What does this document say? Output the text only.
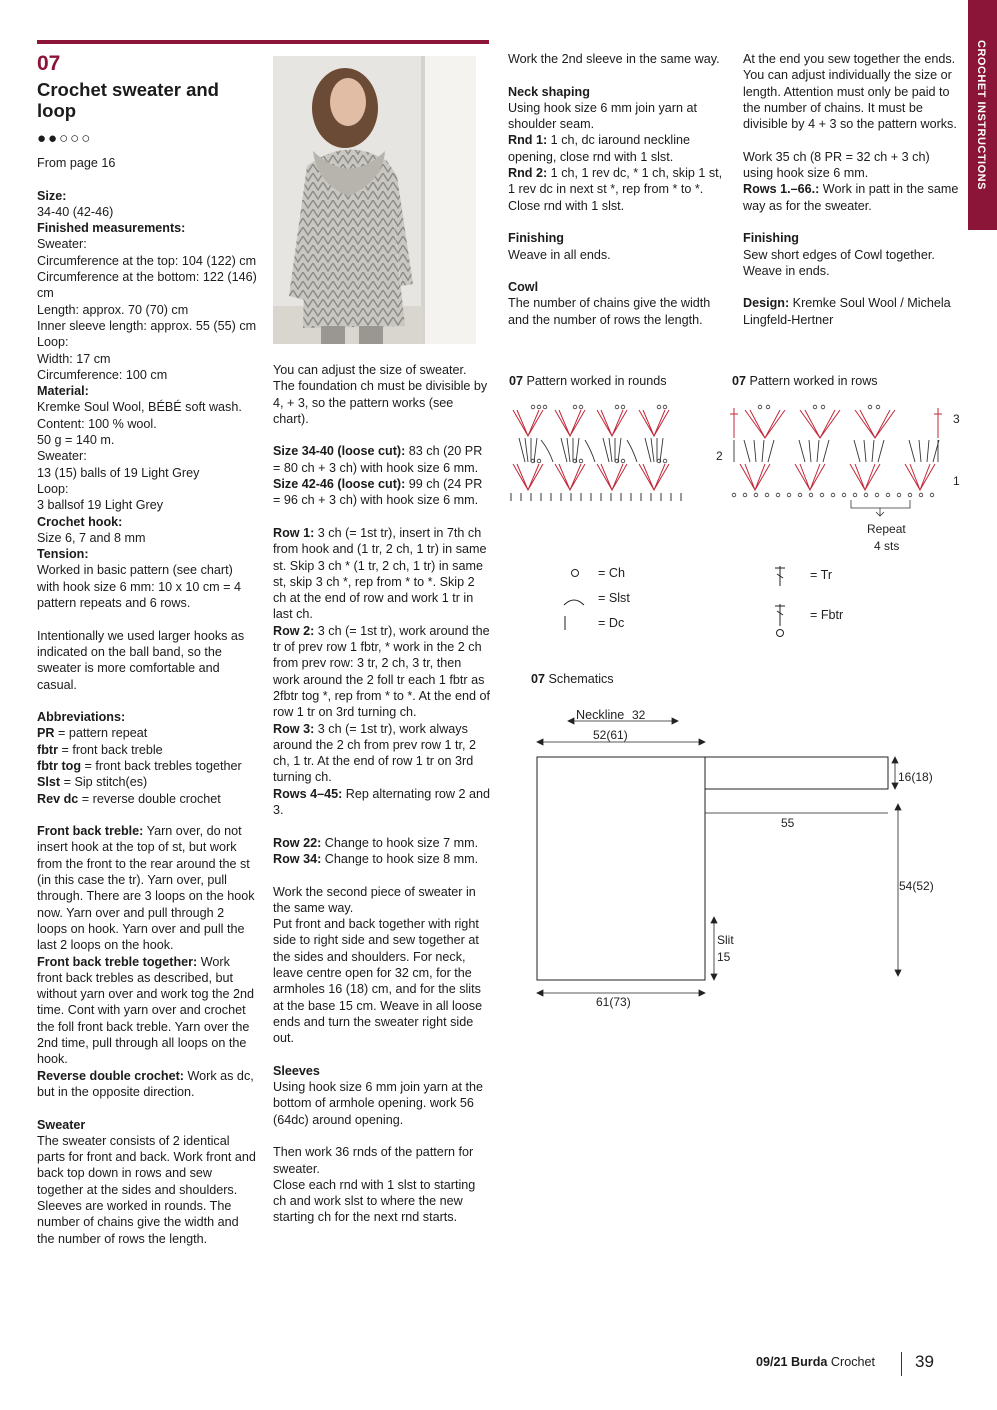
07
Crochet sweater and loop
●●○○○	CROCHET INSTRUCTIONS

From page 16

Size:
34-40 (42-46)
Finished measurements:
Sweater:
Circumference at the top: 104 (122) cm
Circumference at the bottom: 122 (146) cm
Length: approx. 70 (70) cm
Inner sleeve length: approx. 55 (55) cm
Loop:
Width: 17 cm
Circumference: 100 cm
Material:
Kremke Soul Wool, BÉBÉ soft wash.
Content: 100 % wool.
50 g = 140 m.
Sweater:
13 (15) balls of 19 Light Grey
Loop:
3 ballsof 19 Light Grey
Crochet hook:
Size 6, 7 and 8 mm
Tension:

Worked in basic pattern (see chart) with hook size 6 mm: 10 x 10 cm = 4 pattern repeats and 6 rows.

Intentionally we used larger hooks as indicated on the ball band, so the sweater is more comfortable and casual.

Abbreviations:
PR = pattern repeat
fbtr = front back treble
fbtr tog = front back trebles together
Slst = Sip stitch(es)

Rev dc = reverse double crochet

Front back treble: Yarn over, do not insert hook at the top of st, but work from the front to the rear around the st (in this case the tr). Yarn over, pull through. There are 3 loops on the hook now. Yarn over and pull through 2 loops on hook. Yarn over and pull the last 2 loops on the hook.
Front back treble together: Work front back trebles as described, but without yarn over and work tog the 2nd time. Cont with yarn over and crochet the foll front back treble. Yarn over the 2nd time, pull through all loops on the hook.

Reverse double crochet: Work as dc, but in the opposite direction.

Sweater
The sweater consists of 2 identical parts for front and back. Work front and back top down in rows and sew together at the sides and shoulders. Sleeves are worked in rounds. The number of chains give the width and the number of rows the length.

You can adjust the size of sweater. The foundation ch must be divisible by 4, + 3, so the pattern works (see chart).

Size 34-40 (loose cut): 83 ch (20 PR = 80 ch + 3 ch) with hook size 6 mm.

Size 42-46 (loose cut): 99 ch (24 PR = 96 ch + 3 ch) with hook size 6 mm.

Row 1: 3 ch (= 1st tr), insert in 7th ch from hook and (1 tr, 2 ch, 1 tr) in same st. Skip 3 ch * (1 tr, 2 ch, 1 tr) in same st, skip 3 ch *, rep from * to *. Skip 2 ch at the end of row and work 1 tr in last ch.
Row 2: 3 ch (= 1st tr), work around the tr of prev row 1 fbtr, * work in the 2 ch from prev row: 3 tr, 2 ch, 3 tr, then work around the 2 foll tr each 1 fbtr as 2fbtr tog *, rep from * to *. At the end of row 1 tr on 3rd turning ch.
Row 3: 3 ch (= 1st tr), work always around the 2 ch from prev row 1 tr, 2 ch, 1 tr. At the end of row 1 tr on 3rd turning ch.

Rows 4–45: Rep alternating row 2 and 3.

Row 22: Change to hook size 7 mm.

Row 34: Change to hook size 8 mm.

Work the second piece of sweater in the same way.

Put front and back together with right side to right side and sew together at the sides and shoulders. For neck, leave centre open for 32 cm, for the armholes 16 (18) cm, and for the slits at the base 15 cm. Weave in all loose ends and turn the sweater right side out.

Sleeves

Using hook size 6 mm join yarn at the bottom of armhole opening. work 56 (64dc) around opening.

Then work 36 rnds of the pattern for sweater.
Close each rnd with 1 slst to starting ch and work slst to where the new starting ch for the next rnd starts.

Work the 2nd sleeve in the same way.

Neck shaping
Using hook size 6 mm join yarn at shoulder seam.
Rnd 1: 1 ch, dc iaround neckline opening, close rnd with 1 slst.

Rnd 2: 1 ch, 1 rev dc, * 1 ch, skip 1 st, 1 rev dc in next st *, rep from * to *. Close rnd with 1 slst.

Finishing

Weave in all ends.

Cowl
The number of chains give the width and the number of rows the length.

At the end you sew together the ends. You can adjust individually the size or length. Attention must only be paid to the number of chains. It must be divisible by 4 + 3 so the pattern works.

Work 35 ch (8 PR = 32 ch + 3 ch) using hook size 6 mm.

Rows 1.–66.: Work in patt in the same way as for the sweater.

Finishing

Sew short edges of Cowl together. Weave in ends.

Design: Kremke Soul Wool / Michela Lingfeld-Hertner
07 Pattern worked in rounds	07 Pattern worked in rows
3
2
1
Repeat
4 sts
= Ch
= Slst
= Dc
= Tr
= Fbtr
07 Schematics
Neckline 32
52(61)
16(18)
55
54(52)
Slit
15
61(73)
09/21 Burda Crochet 39
